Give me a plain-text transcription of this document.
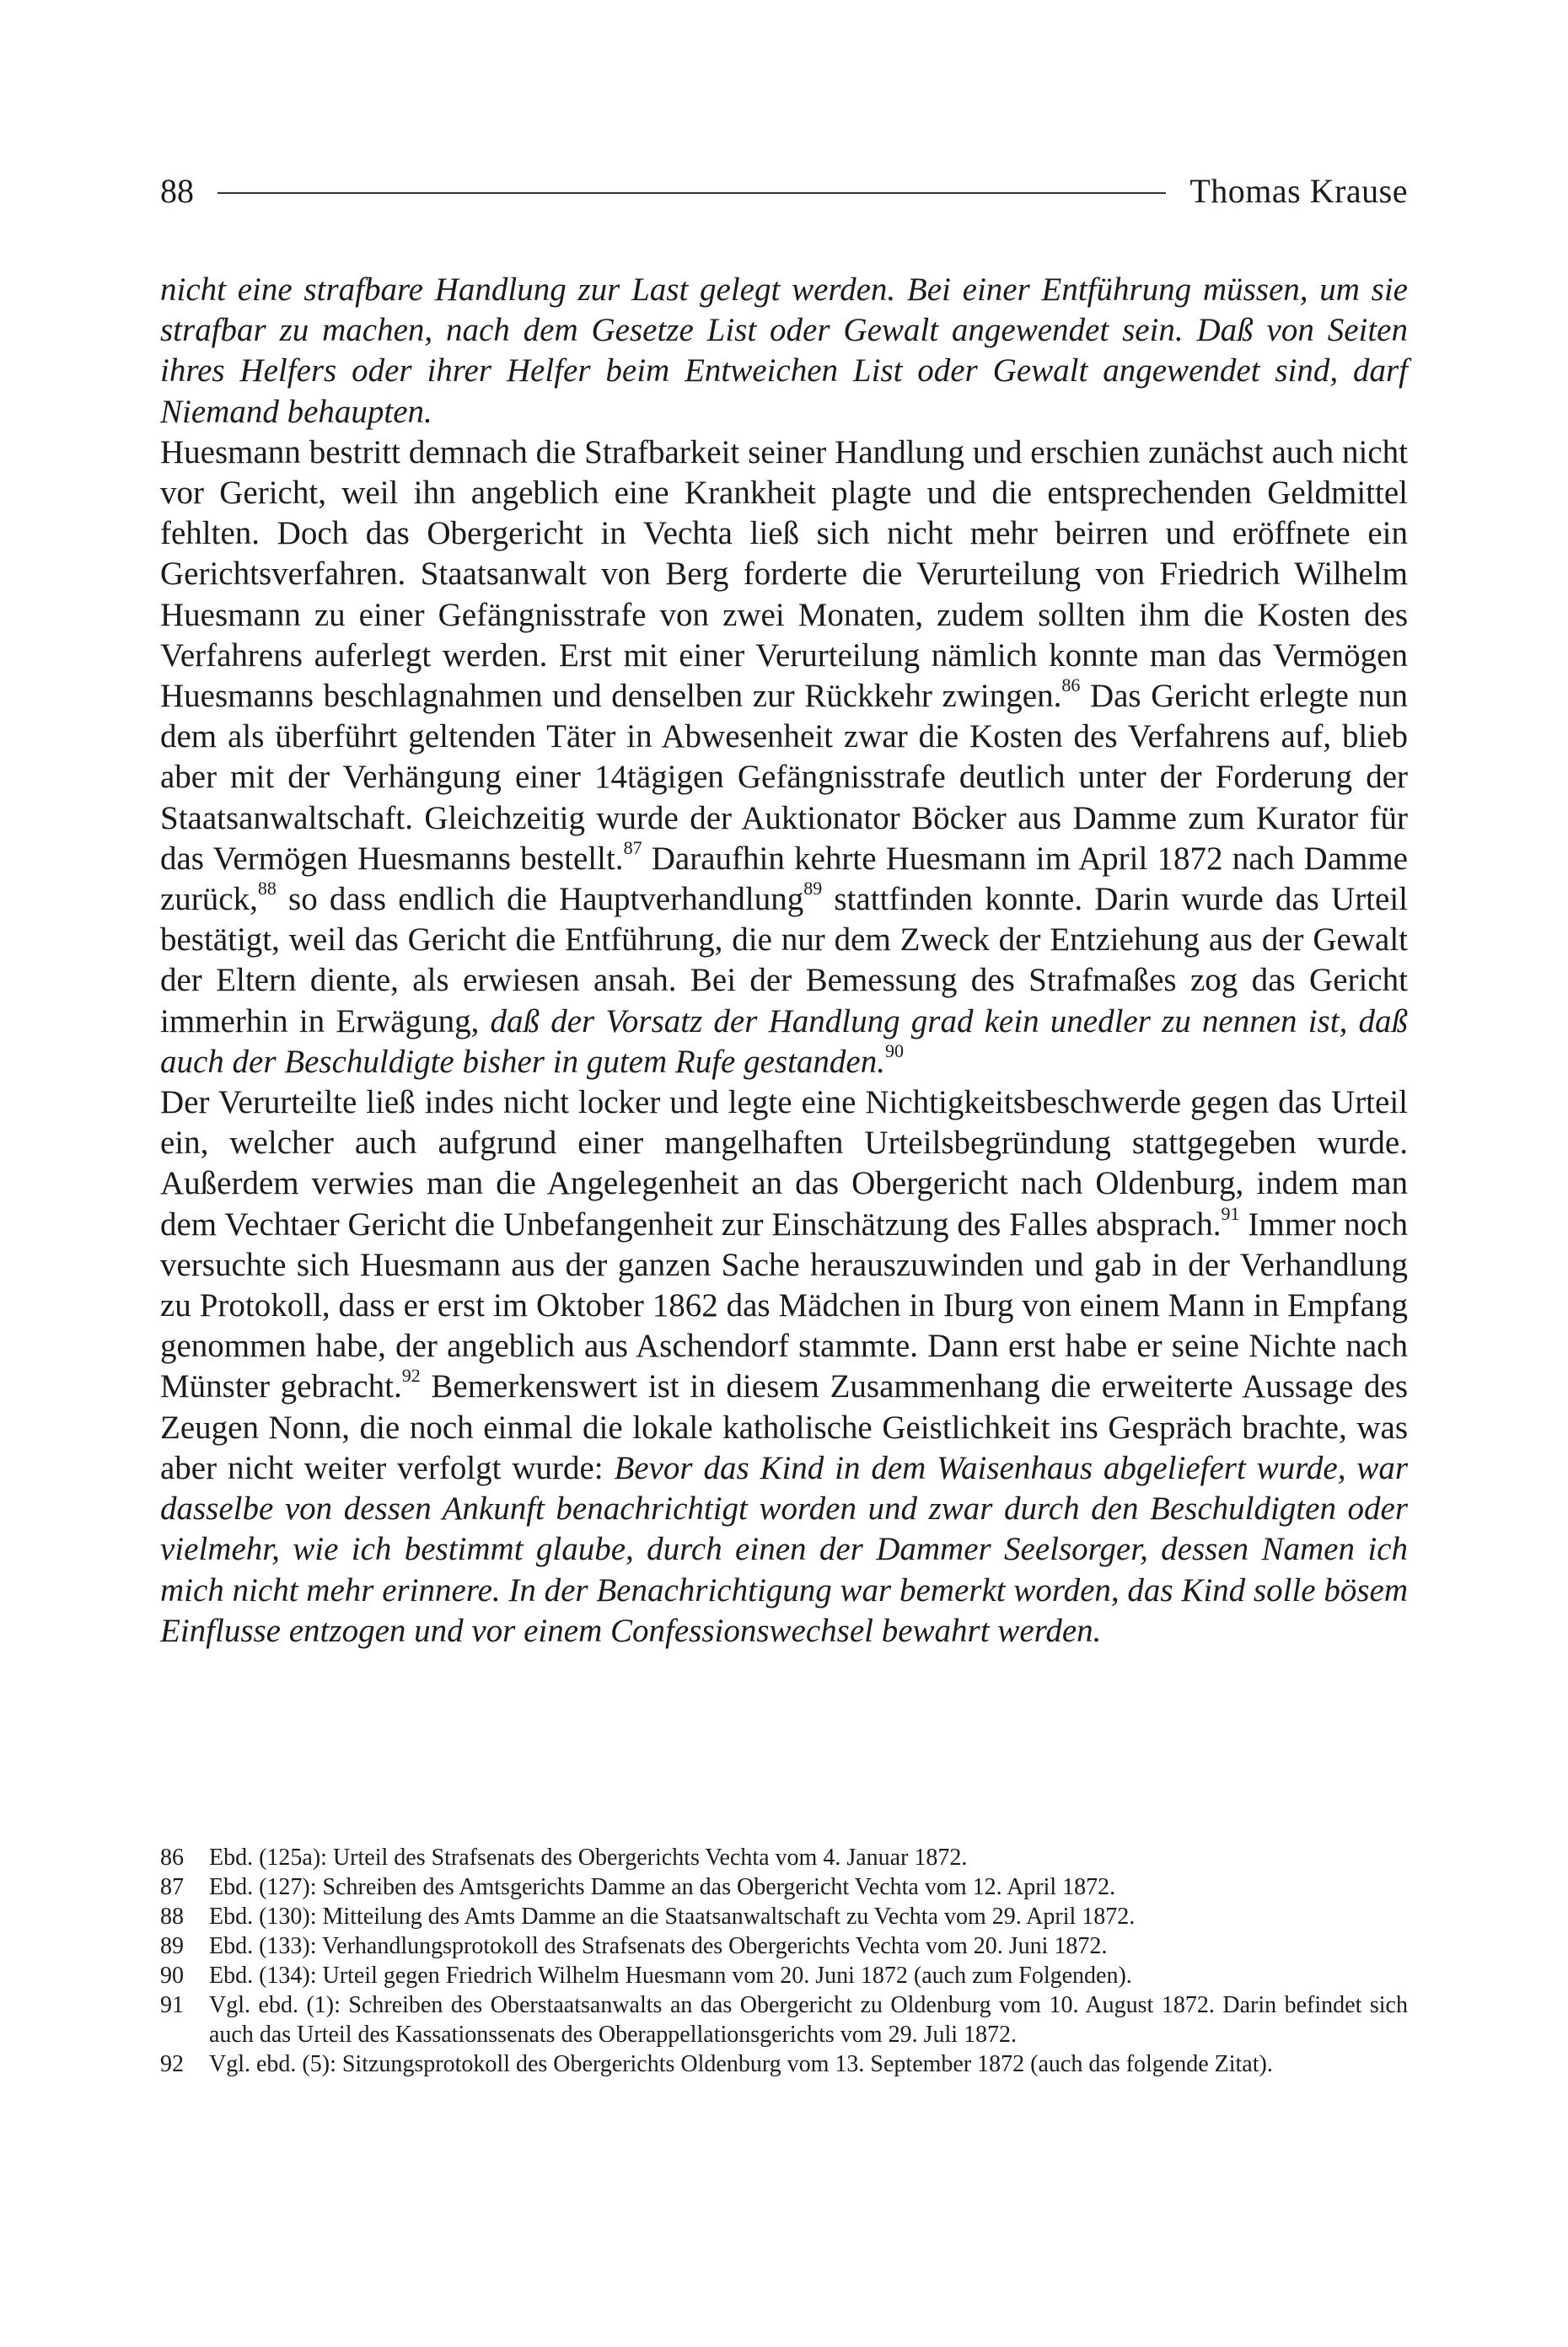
88	Thomas Krause

nicht eine strafbare Handlung zur Last gelegt werden. Bei einer Entführung müssen, um sie strafbar zu machen, nach dem Gesetze List oder Gewalt angewendet sein. Daß von Seiten ihres Helfers oder ihrer Helfer beim Entweichen List oder Gewalt angewendet sind, darf Niemand behaupten.

Huesmann bestritt demnach die Strafbarkeit seiner Handlung und erschien zunächst auch nicht vor Gericht, weil ihn angeblich eine Krankheit plagte und die entsprechenden Geldmittel fehlten. Doch das Obergericht in Vechta ließ sich nicht mehr beirren und eröffnete ein Gerichtsverfahren. Staatsanwalt von Berg forderte die Verurteilung von Friedrich Wilhelm Huesmann zu einer Gefängnisstrafe von zwei Monaten, zudem sollten ihm die Kosten des Verfahrens auferlegt werden. Erst mit einer Verurteilung nämlich konnte man das Vermögen Huesmanns beschlagnahmen und denselben zur Rückkehr zwingen.$^{86}$ Das Gericht erlegte nun dem als überführt geltenden Täter in Abwesenheit zwar die Kosten des Verfahrens auf, blieb aber mit der Verhängung einer 14tägigen Gefängnisstrafe deutlich unter der Forderung der Staatsanwaltschaft. Gleichzeitig wurde der Auktionator Böcker aus Damme zum Kurator für das Vermögen Huesmanns bestellt.$^{87}$ Daraufhin kehrte Huesmann im April 1872 nach Damme zurück,$^{88}$ so dass endlich die Hauptverhandlung$^{89}$ stattfinden konnte. Darin wurde das Urteil bestätigt, weil das Gericht die Entführung, die nur dem Zweck der Entziehung aus der Gewalt der Eltern diente, als erwiesen ansah. Bei der Bemessung des Strafmaßes zog das Gericht immerhin in Erwägung, daß der Vorsatz der Handlung grad kein unedler zu nennen ist, daß auch der Beschuldigte bisher in gutem Rufe gestanden.$^{90}$

Der Verurteilte ließ indes nicht locker und legte eine Nichtigkeitsbeschwerde gegen das Urteil ein, welcher auch aufgrund einer mangelhaften Urteilsbegründung stattgegeben wurde. Außerdem verwies man die Angelegenheit an das Obergericht nach Oldenburg, indem man dem Vechtaer Gericht die Unbefangenheit zur Einschätzung des Falles absprach.$^{91}$ Immer noch versuchte sich Huesmann aus der ganzen Sache herauszuwinden und gab in der Verhandlung zu Protokoll, dass er erst im Oktober 1862 das Mädchen in Iburg von einem Mann in Empfang genommen habe, der angeblich aus Aschendorf stammte. Dann erst habe er seine Nichte nach Münster gebracht.$^{92}$ Bemerkenswert ist in diesem Zusammenhang die erweiterte Aussage des Zeugen Nonn, die noch einmal die lokale katholische Geistlichkeit ins Gespräch brachte, was aber nicht weiter verfolgt wurde: Bevor das Kind in dem Waisenhaus abgeliefert wurde, war dasselbe von dessen Ankunft benachrichtigt worden und zwar durch den Beschuldigten oder vielmehr, wie ich bestimmt glaube, durch einen der Dammer Seelsorger, dessen Namen ich mich nicht mehr erinnere. In der Benachrichtigung war bemerkt worden, das Kind solle bösem Einflusse entzogen und vor einem Confessionswechsel bewahrt werden.

86	Ebd. (125a): Urteil des Strafsenats des Obergerichts Vechta vom 4. Januar 1872.
87	Ebd. (127): Schreiben des Amtsgerichts Damme an das Obergericht Vechta vom 12. April 1872.
88	Ebd. (130): Mitteilung des Amts Damme an die Staatsanwaltschaft zu Vechta vom 29. April 1872.
89	Ebd. (133): Verhandlungsprotokoll des Strafsenats des Obergerichts Vechta vom 20. Juni 1872.
90	Ebd. (134): Urteil gegen Friedrich Wilhelm Huesmann vom 20. Juni 1872 (auch zum Folgenden).
91	Vgl. ebd. (1): Schreiben des Oberstaatsanwalts an das Obergericht zu Oldenburg vom 10. August 1872. Darin befindet sich auch das Urteil des Kassationssenats des Oberappellationsgerichts vom 29. Juli 1872.
92	Vgl. ebd. (5): Sitzungsprotokoll des Obergerichts Oldenburg vom 13. September 1872 (auch das folgende Zitat).
